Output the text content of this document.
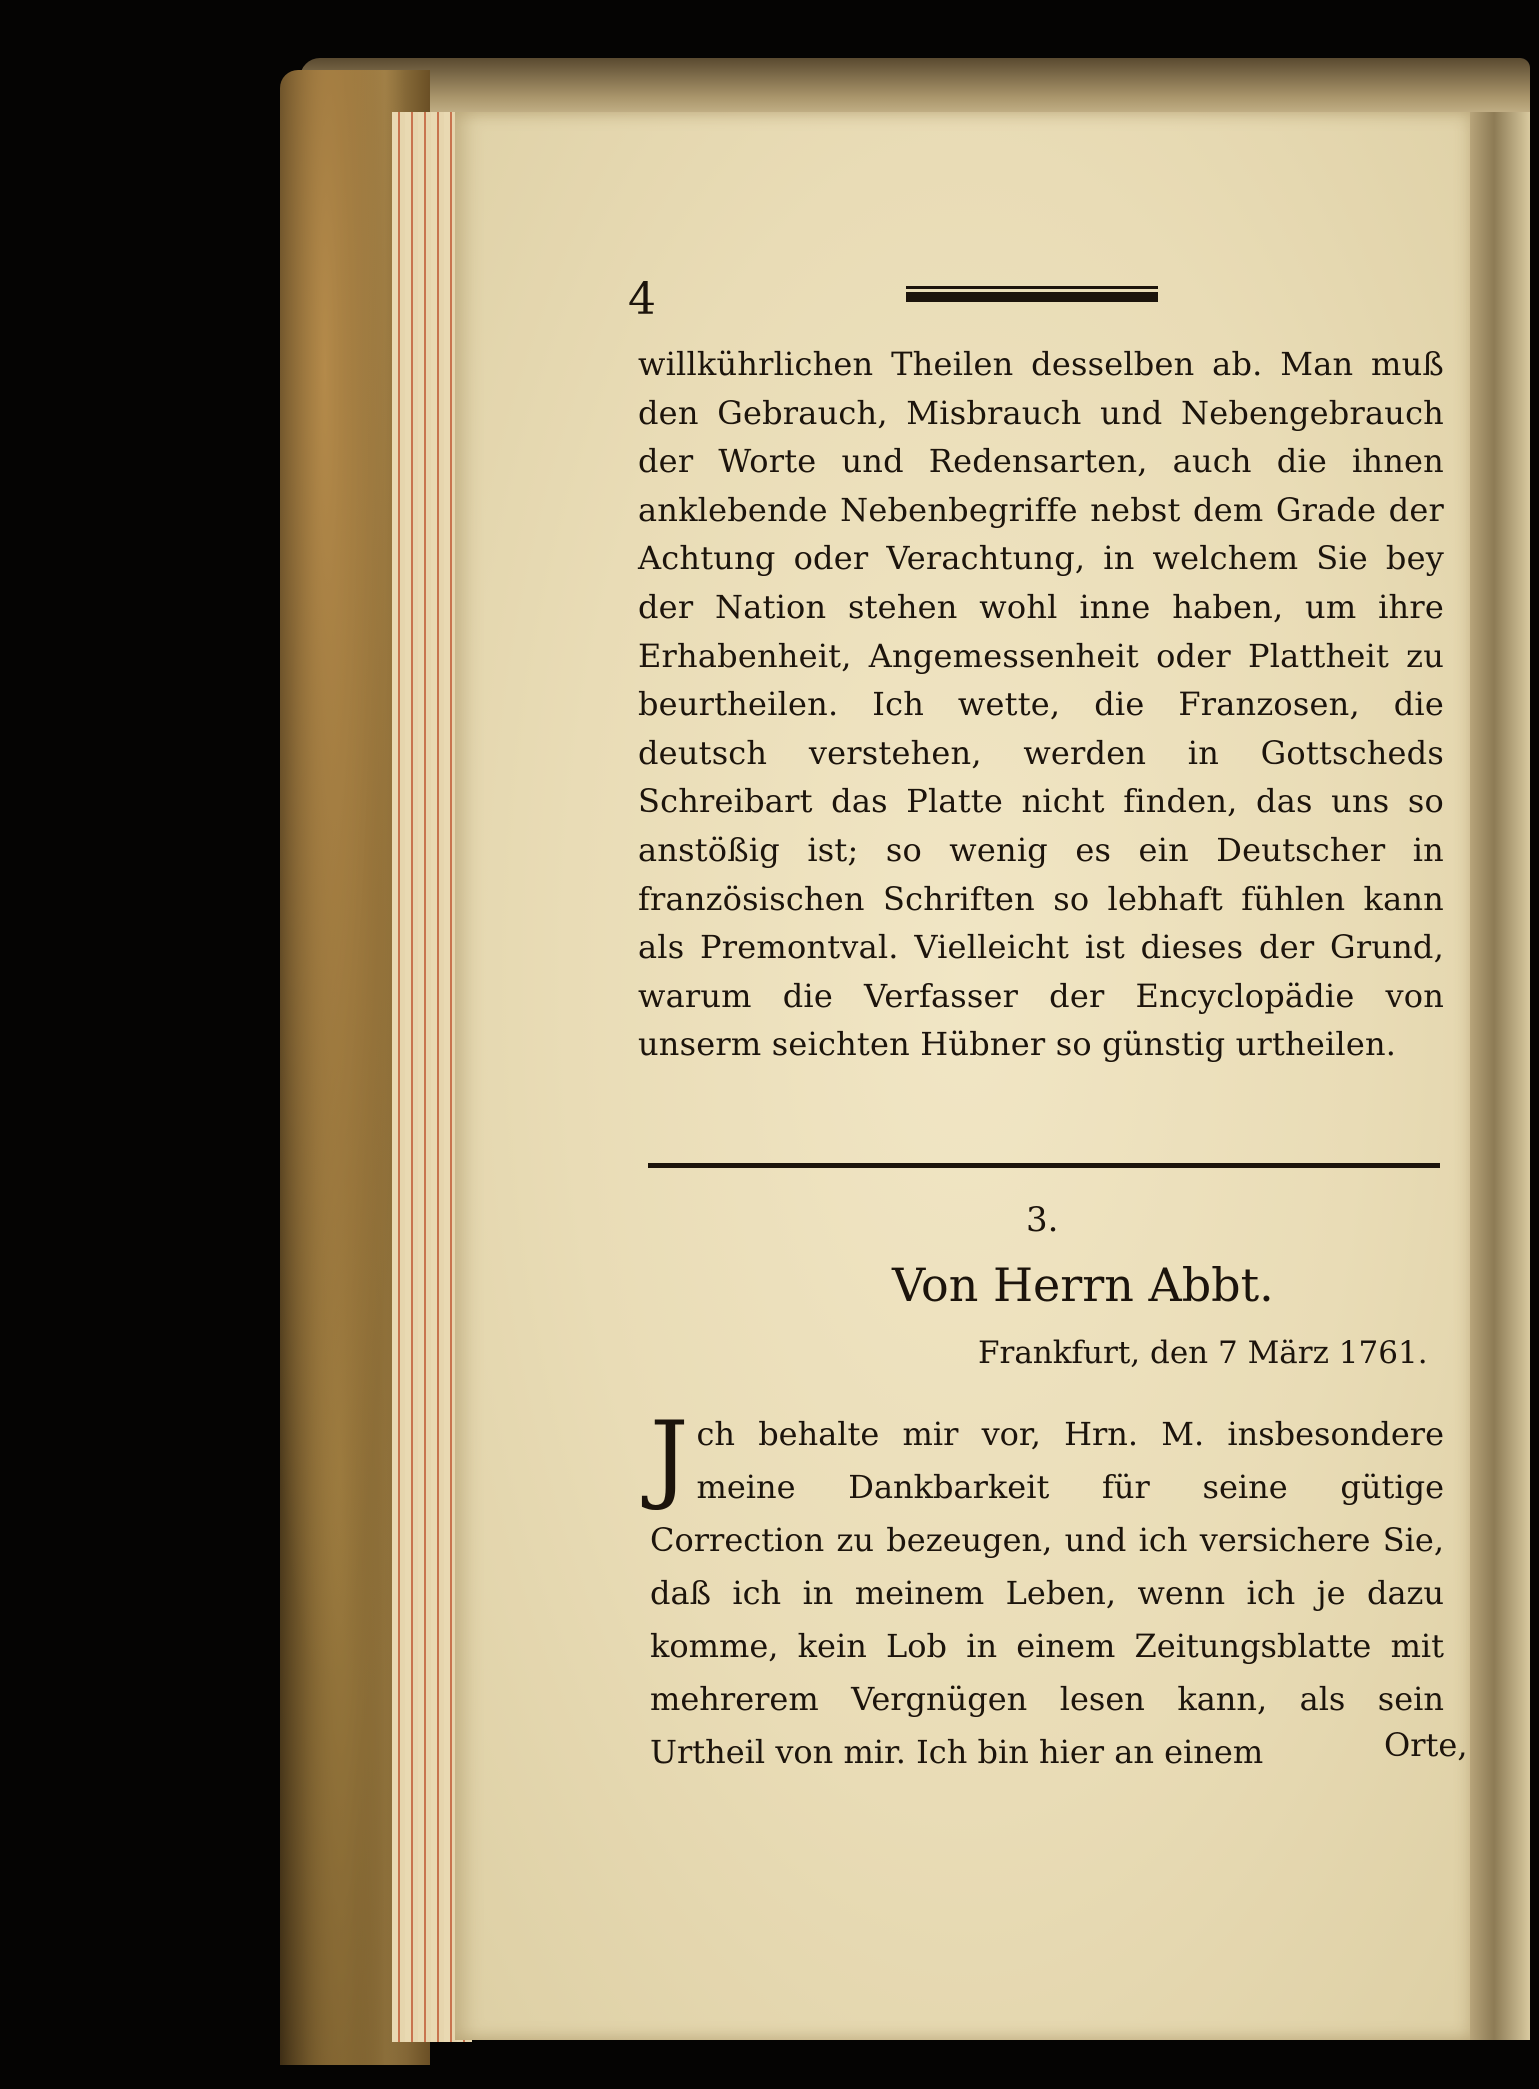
4
willkührlichen Theilen desselben ab. Man muß den Gebrauch, Misbrauch und Nebengebrauch der Worte und Redensarten, auch die ihnen anklebende Nebenbegriffe nebst dem Grade der Achtung oder Verachtung, in welchem Sie bey der Nation stehen wohl inne haben, um ihre Erhabenheit, Angemessenheit oder Plattheit zu beurtheilen. Ich wette, die Franzosen, die deutsch verstehen, werden in Gottscheds Schreibart das Platte nicht finden, das uns so anstößig ist; so wenig es ein Deutscher in französischen Schriften so lebhaft fühlen kann als Premontval. Vielleicht ist dieses der Grund, warum die Verfasser der Encyclopädie von unserm seichten Hübner so günstig urtheilen.
3.
Von Herrn Abbt.
Frankfurt, den 7 März 1761.
Jch behalte mir vor, Hrn. M. insbesondere meine Dankbarkeit für seine gütige Correction zu bezeugen, und ich versichere Sie, daß ich in meinem Leben, wenn ich je dazu komme, kein Lob in einem Zeitungsblatte mit mehrerem Vergnügen lesen kann, als sein Urtheil von mir. Ich bin hier an einem	Orte,
